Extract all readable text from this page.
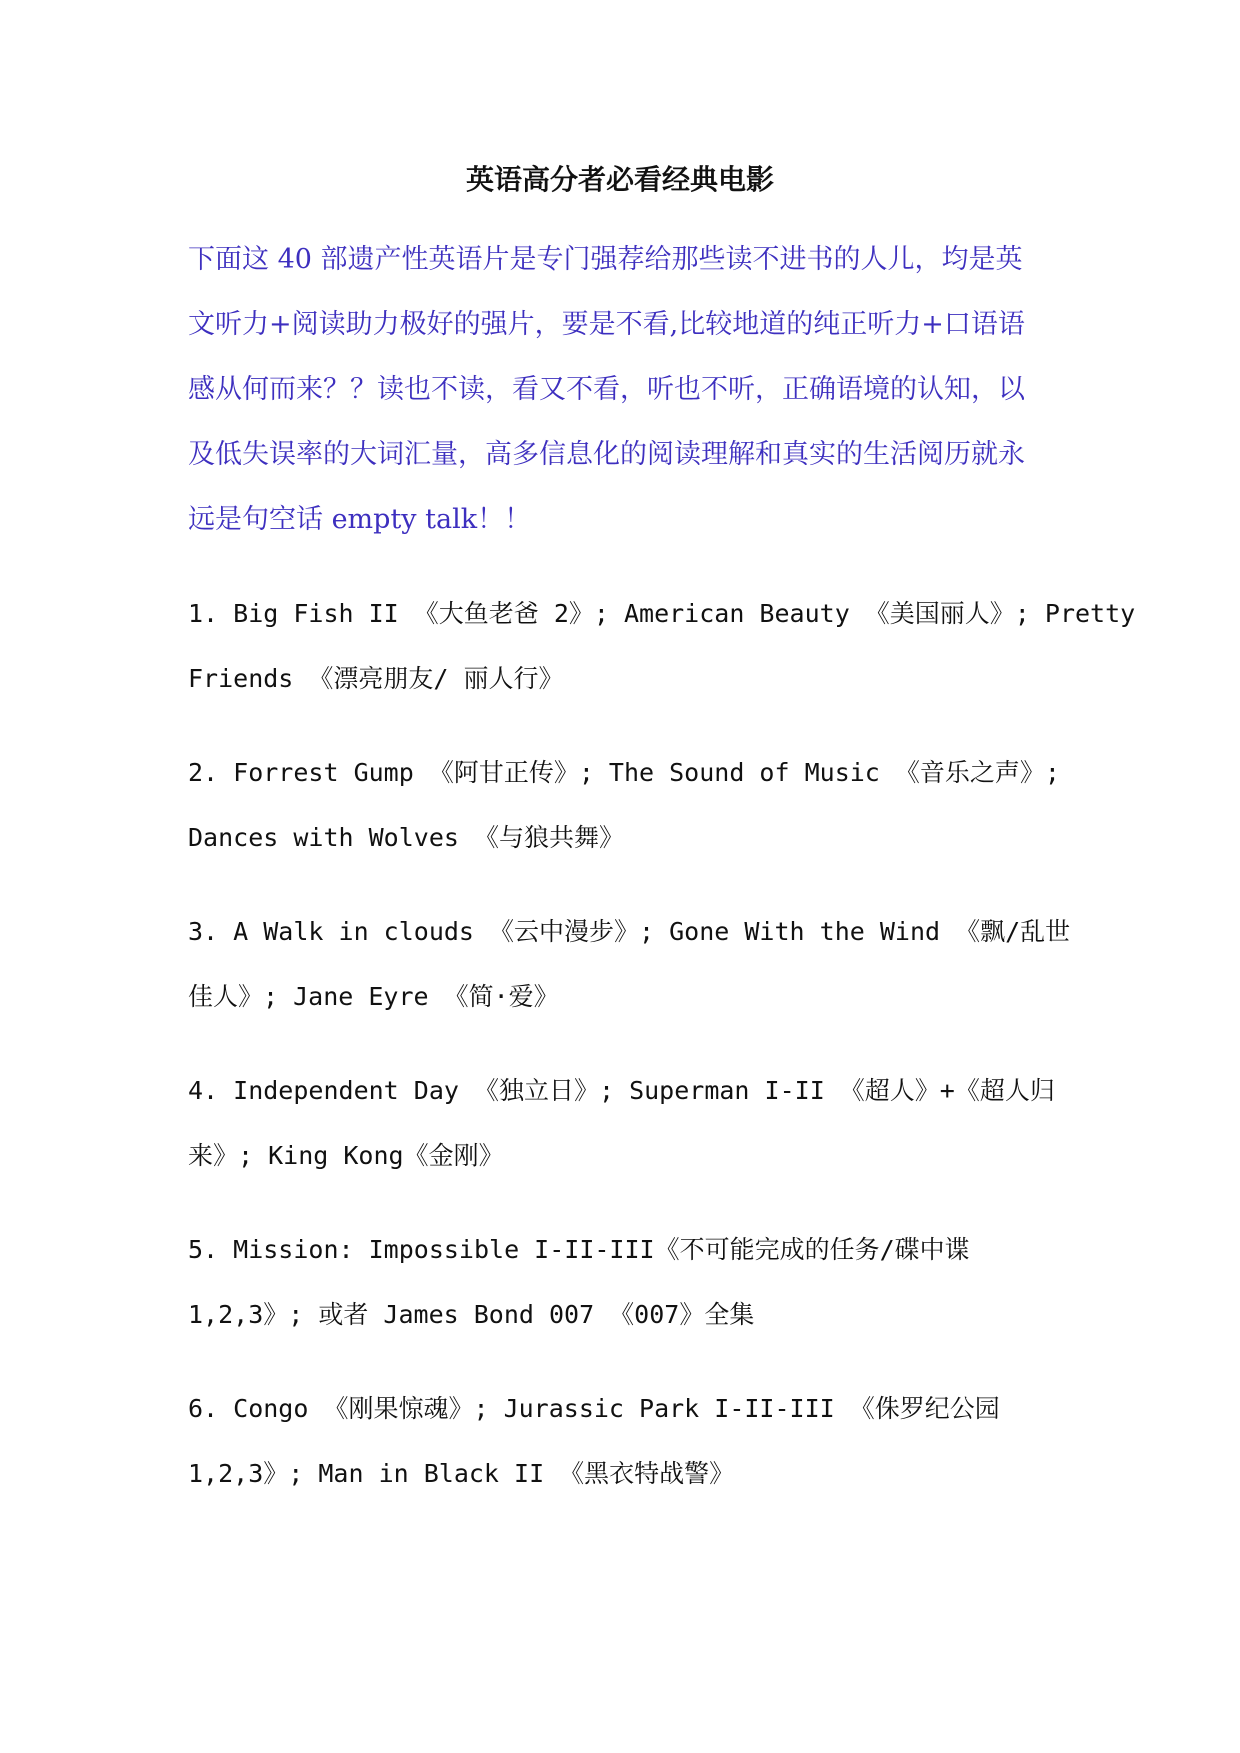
英语高分者必看经典电影
下面这 40 部遗产性英语片是专门强荐给那些读不进书的人儿，均是英
文听力+阅读助力极好的强片，要是不看,比较地道的纯正听力+口语语
感从何而来？？读也不读，看又不看，听也不听，正确语境的认知，以
及低失误率的大词汇量，高多信息化的阅读理解和真实的生活阅历就永
远是句空话 empty talk！！
1. Big Fish II 《大鱼老爸 2》; American Beauty 《美国丽人》; Pretty
Friends 《漂亮朋友/ 丽人行》
2. Forrest Gump 《阿甘正传》; The Sound of Music 《音乐之声》;
Dances with Wolves 《与狼共舞》
3. A Walk in clouds 《云中漫步》; Gone With the Wind 《飘/乱世
佳人》; Jane Eyre 《简·爱》
4. Independent Day 《独立日》; Superman I-II 《超人》+《超人归
来》; King Kong《金刚》
5. Mission: Impossible I-II-III《不可能完成的任务/碟中谍
1,2,3》; 或者 James Bond 007 《007》全集
6. Congo 《刚果惊魂》; Jurassic Park I-II-III 《侏罗纪公园
1,2,3》; Man in Black II 《黑衣特战警》
